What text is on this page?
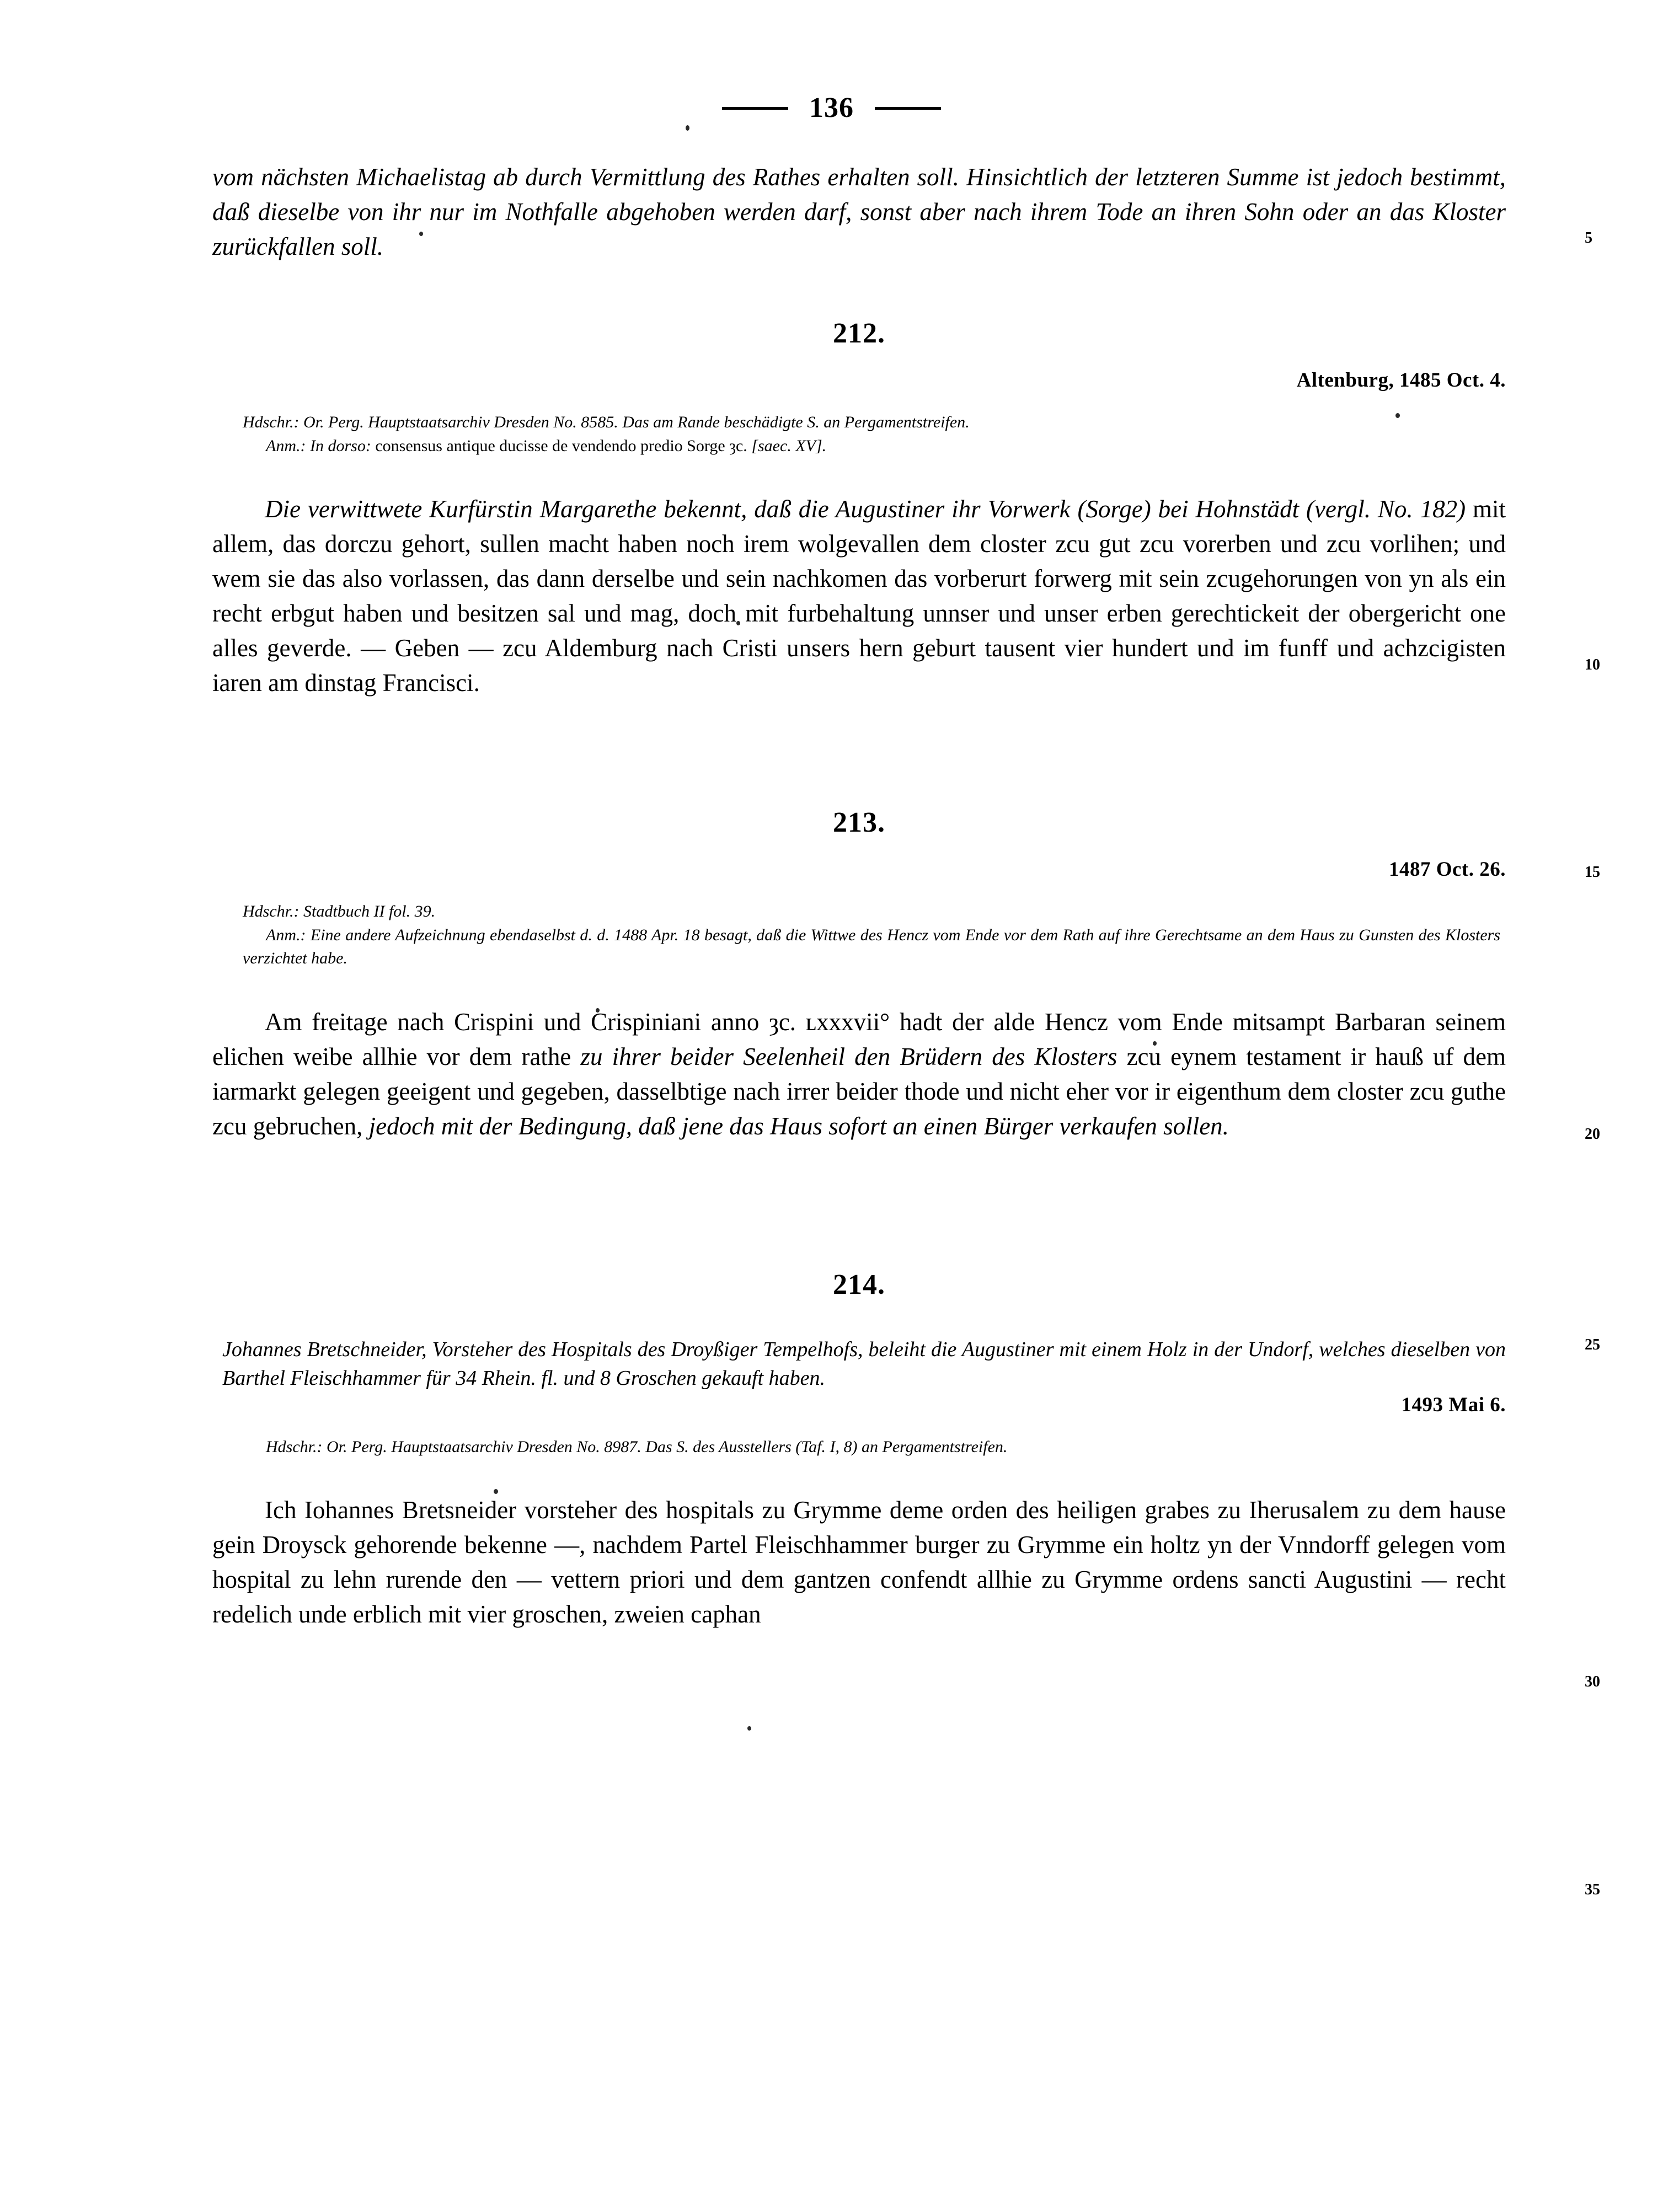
136
5
10
15
20
25
30
35

vom nächsten Michaelistag ab durch Vermittlung des Rathes erhalten soll. Hinsichtlich der letzteren Summe ist jedoch bestimmt, daß dieselbe von ihr nur im Nothfalle abgehoben werden darf, sonst aber nach ihrem Tode an ihren Sohn oder an das Kloster zurückfallen soll.

212.
Altenburg, 1485 Oct. 4.

Hdschr.: Or. Perg. Hauptstaatsarchiv Dresden No. 8585. Das am Rande beschädigte S. an Pergamentstreifen.

Anm.: In dorso: consensus antique ducisse de vendendo predio Sorge ȝc. [saec. XV].

Die verwittwete Kurfürstin Margarethe bekennt, daß die Augustiner ihr Vorwerk (Sorge) bei Hohnstädt (vergl. No. 182) mit allem, das dorczu gehort, sullen macht haben noch irem wolgevallen dem closter zcu gut zcu vorerben und zcu vorlihen; und wem sie das also vorlassen, das dann derselbe und sein nachkomen das vorberurt forwerg mit sein zcugehorungen von yn als ein recht erbgut haben und besitzen sal und mag, doch mit furbehaltung unnser und unser erben gerechtickeit der obergericht one alles geverde. — Geben — zcu Aldemburg nach Cristi unsers hern geburt tausent vier hundert und im funff und achzcigisten iaren am dinstag Francisci.

213.
1487 Oct. 26.

Hdschr.: Stadtbuch II fol. 39.

Anm.: Eine andere Aufzeichnung ebendaselbst d. d. 1488 Apr. 18 besagt, daß die Wittwe des Hencz vom Ende vor dem Rath auf ihre Gerechtsame an dem Haus zu Gunsten des Klosters verzichtet habe.

Am freitage nach Crispini und Crispiniani anno ȝc. ʟxxxvii° hadt der alde Hencz vom Ende mitsampt Barbaran seinem elichen weibe allhie vor dem rathe zu ihrer beider Seelenheil den Brüdern des Klosters zcu eynem testament ir hauß uf dem iarmarkt gelegen geeigent und gegeben, dasselbtige nach irrer beider thode und nicht eher vor ir eigenthum dem closter zcu guthe zcu gebruchen, jedoch mit der Bedingung, daß jene das Haus sofort an einen Bürger verkaufen sollen.

214.

Johannes Bretschneider, Vorsteher des Hospitals des Droyßiger Tempelhofs, beleiht die Augustiner mit einem Holz in der Undorf, welches dieselben von Barthel Fleischhammer für 34 Rhein. fl. und 8 Groschen gekauft haben.

1493 Mai 6.

Hdschr.: Or. Perg. Hauptstaatsarchiv Dresden No. 8987. Das S. des Ausstellers (Taf. I, 8) an Pergamentstreifen.

Ich Iohannes Bretsneider vorsteher des hospitals zu Grymme deme orden des heiligen grabes zu Iherusalem zu dem hause gein Droysck gehorende bekenne —, nachdem Partel Fleischhammer burger zu Grymme ein holtz yn der Vnndorff gelegen vom hospital zu lehn rurende den — vettern priori und dem gantzen confendt allhie zu Grymme ordens sancti Augustini — recht redelich unde erblich mit vier groschen, zweien caphan
